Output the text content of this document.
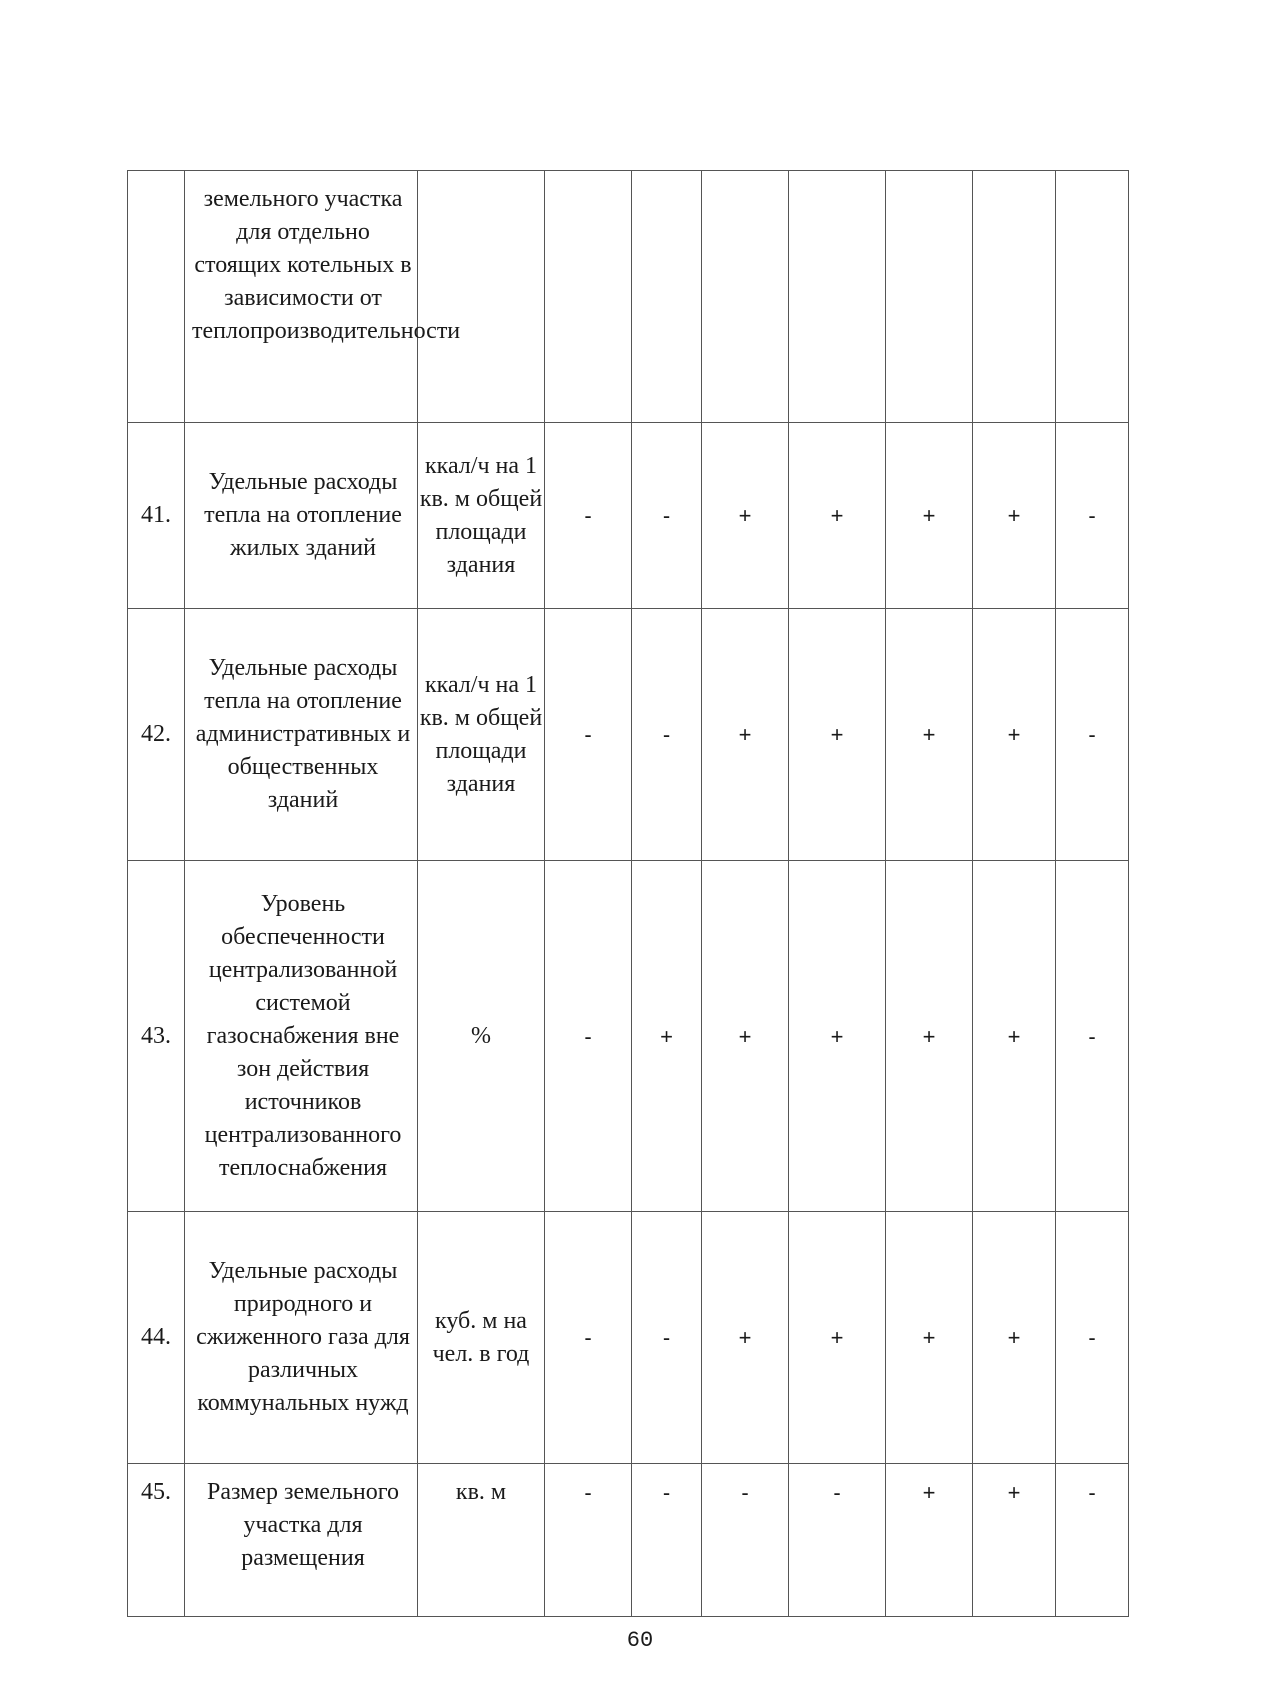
	земельного участка для отдельно стоящих котельных в зависимости от теплопроизводительности								
41.	Удельные расходы тепла на отопление жилых зданий	ккал/ч на 1 кв. м общей площади здания	-	-	+	+	+	+	-
42.	Удельные расходы тепла на отопление административных и общественных зданий	ккал/ч на 1 кв. м общей площади здания	-	-	+	+	+	+	-
43.	Уровень обеспеченности централизованной системой газоснабжения вне зон действия источников централизованного теплоснабжения	%	-	+	+	+	+	+	-
44.	Удельные расходы природного и сжиженного газа для различных коммунальных нужд	куб. м на чел. в год	-	-	+	+	+	+	-
45.	Размер земельного участка для размещения	кв. м	-	-	-	-	+	+	-
60
